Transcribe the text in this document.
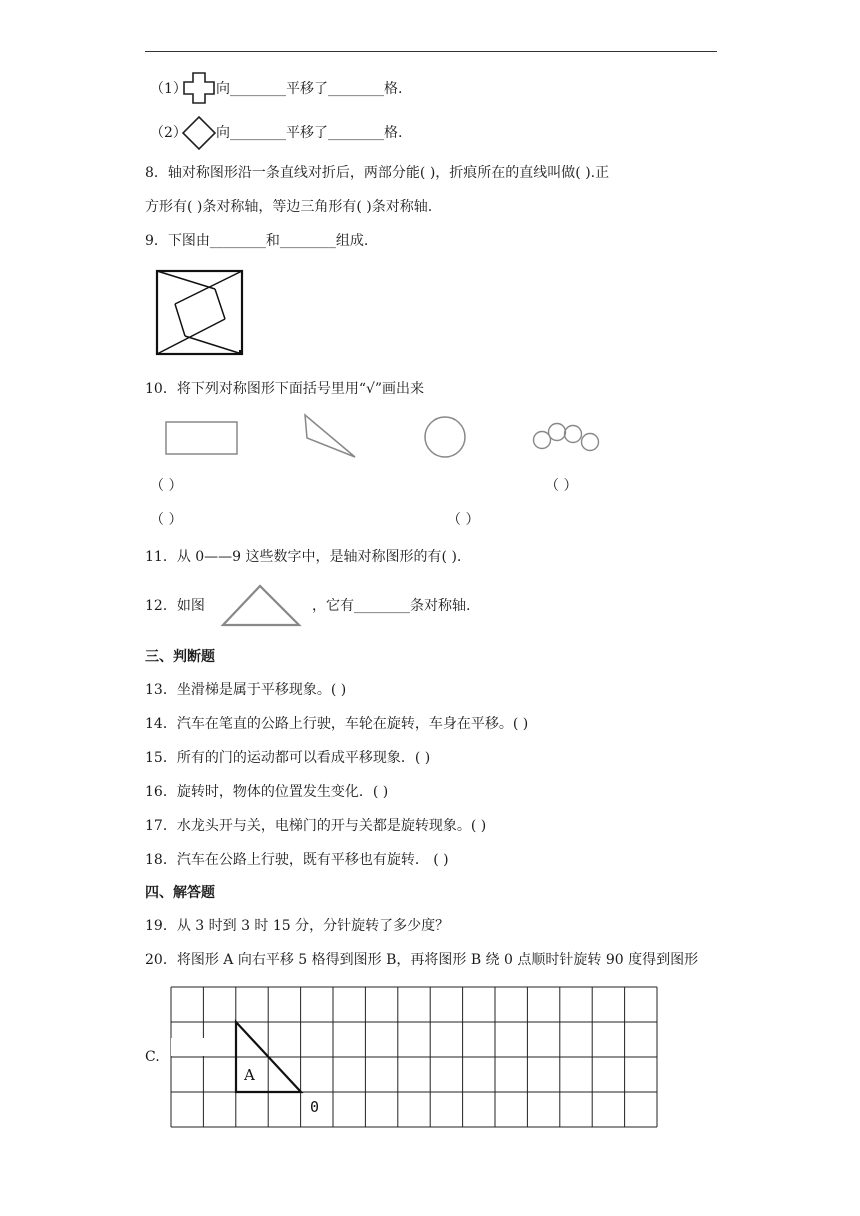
（1） 向________平移了________格.
（2） 向________平移了________格.
8．轴对称图形沿一条直线对折后，两部分能( )，折痕所在的直线叫做( ).正
方形有( )条对称轴，等边三角形有( )条对称轴.
9．下图由________和________组成.
10．将下列对称图形下面括号里用“√”画出来
（ ）	（ ）
（ ）	（ ）
11．从 0——9 这些数字中，是轴对称图形的有( ).
12．如图	，它有________条对称轴.
三、判断题
13．坐滑梯是属于平移现象。( )
14．汽车在笔直的公路上行驶，车轮在旋转，车身在平移。( )
15．所有的门的运动都可以看成平移现象．( )
16．旋转时，物体的位置发生变化．( )
17．水龙头开与关，电梯门的开与关都是旋转现象。( )
18．汽车在公路上行驶，既有平移也有旋转． ( )
四、解答题
19．从 3 时到 3 时 15 分，分针旋转了多少度？
20．将图形 A 向右平移 5 格得到图形 B，再将图形 B 绕 0 点顺时针旋转 90 度得到图形
C.
A
0
